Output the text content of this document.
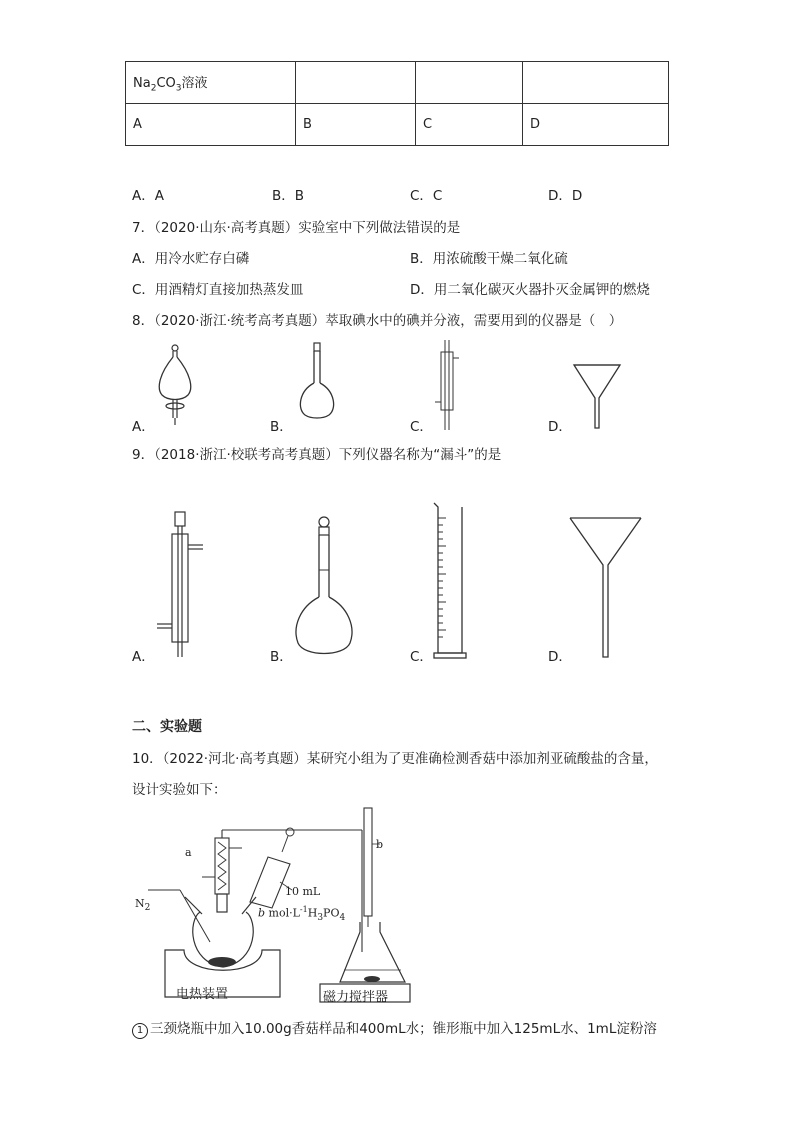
$Na_2CO_3$溶液			
A	B	C	D
A．A	B．B	C．C	D．D
7．（2020·山东·高考真题）实验室中下列做法错误的是
A．用冷水贮存白磷	B．用浓硫酸干燥二氧化硫
C．用酒精灯直接加热蒸发皿	D．用二氧化碳灭火器扑灭金属钾的燃烧
8．（2020·浙江·统考高考真题）萃取碘水中的碘并分液，需要用到的仪器是（　）
A．	B．	C．	D．
9．（2018·浙江·校联考高考真题）下列仪器名称为“漏斗”的是
A．	B．	C．	D．
二、实验题
10．（2022·河北·高考真题）某研究小组为了更准确检测香菇中添加剂亚硫酸盐的含量，
设计实验如下：
a
b
$N_2$
10 mL
b $mol\cdot L^{-1}H_3PO_4$
电热装置	磁力搅拌器
1 三颈烧瓶中加入10.00g香菇样品和400mL水；锥形瓶中加入125mL水、1mL淀粉溶
